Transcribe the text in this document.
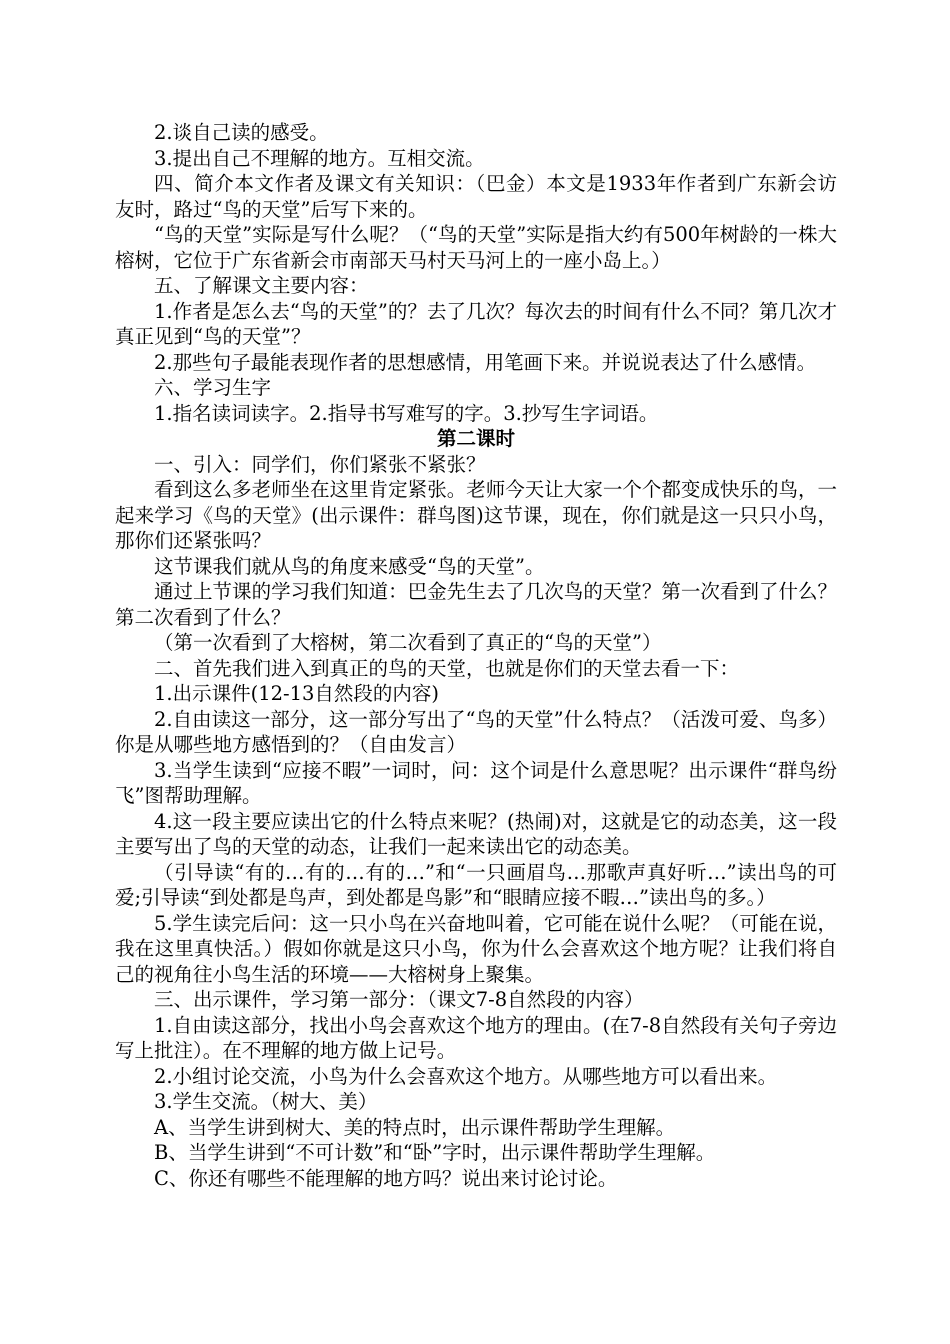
2.谈自己读的感受。

3.提出自己不理解的地方。互相交流。

四、简介本文作者及课文有关知识：（巴金）本文是1933年作者到广东新会访友时，路过“鸟的天堂”后写下来的。

“鸟的天堂”实际是写什么呢？（“鸟的天堂”实际是指大约有500年树龄的一株大榕树，它位于广东省新会市南部天马村天马河上的一座小岛上。）

五、了解课文主要内容：

1.作者是怎么去“鸟的天堂”的？去了几次？每次去的时间有什么不同？第几次才真正见到“鸟的天堂”？

2.那些句子最能表现作者的思想感情，用笔画下来。并说说表达了什么感情。

六、学习生字

1.指名读词读字。2.指导书写难写的字。3.抄写生字词语。

第二课时

一、引入：同学们，你们紧张不紧张？

看到这么多老师坐在这里肯定紧张。老师今天让大家一个个都变成快乐的鸟，一起来学习《鸟的天堂》(出示课件：群鸟图)这节课，现在，你们就是这一只只小鸟，那你们还紧张吗？

这节课我们就从鸟的角度来感受“鸟的天堂”。

通过上节课的学习我们知道：巴金先生去了几次鸟的天堂？第一次看到了什么？第二次看到了什么？

（第一次看到了大榕树，第二次看到了真正的“鸟的天堂”）

二、首先我们进入到真正的鸟的天堂，也就是你们的天堂去看一下：

1.出示课件(12-13自然段的内容)

2.自由读这一部分，这一部分写出了“鸟的天堂”什么特点？（活泼可爱、鸟多）你是从哪些地方感悟到的？（自由发言）

3.当学生读到“应接不暇”一词时，问：这个词是什么意思呢？出示课件“群鸟纷飞”图帮助理解。

4.这一段主要应读出它的什么特点来呢？(热闹)对，这就是它的动态美，这一段主要写出了鸟的天堂的动态，让我们一起来读出它的动态美。

（引导读“有的…有的…有的…”和“一只画眉鸟…那歌声真好听…”读出鸟的可爱;引导读“到处都是鸟声，到处都是鸟影”和“眼睛应接不暇…”读出鸟的多。）

5.学生读完后问：这一只小鸟在兴奋地叫着，它可能在说什么呢？（可能在说，我在这里真快活。）假如你就是这只小鸟，你为什么会喜欢这个地方呢？让我们将自己的视角往小鸟生活的环境——大榕树身上聚集。

三、出示课件，学习第一部分：（课文7-8自然段的内容）

1.自由读这部分，找出小鸟会喜欢这个地方的理由。(在7-8自然段有关句子旁边写上批注）。在不理解的地方做上记号。

2.小组讨论交流，小鸟为什么会喜欢这个地方。从哪些地方可以看出来。

3.学生交流。（树大、美）

A、当学生讲到树大、美的特点时，出示课件帮助学生理解。

B、当学生讲到“不可计数”和“卧”字时，出示课件帮助学生理解。

C、你还有哪些不能理解的地方吗？说出来讨论讨论。
